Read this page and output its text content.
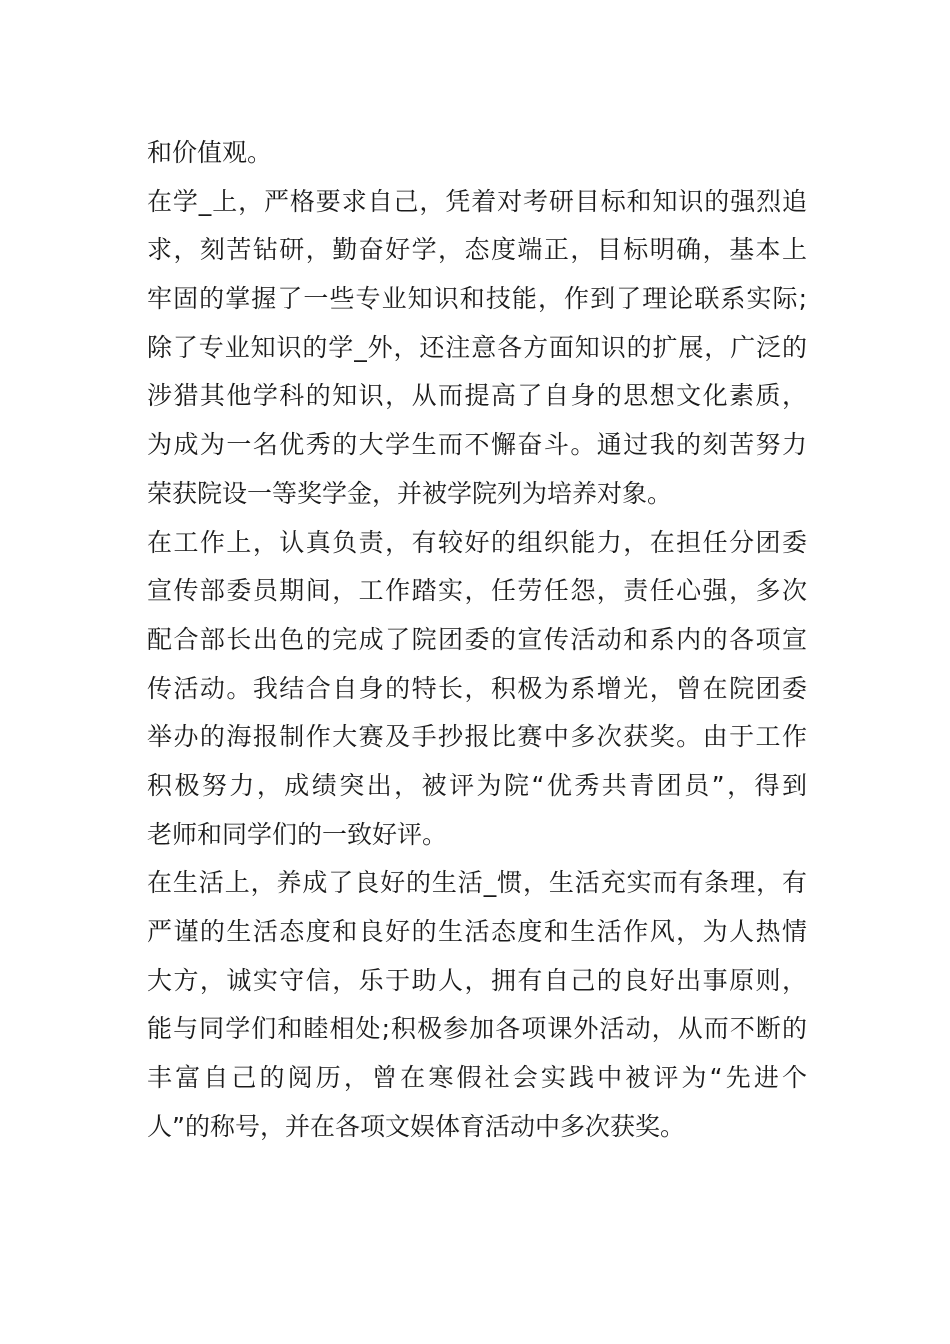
和价值观。
在学_上，严格要求自己，凭着对考研目标和知识的强烈追
求，刻苦钻研，勤奋好学，态度端正，目标明确，基本上
牢固的掌握了一些专业知识和技能，作到了理论联系实际;
除了专业知识的学_外，还注意各方面知识的扩展，广泛的
涉猎其他学科的知识，从而提高了自身的思想文化素质，
为成为一名优秀的大学生而不懈奋斗。通过我的刻苦努力
荣获院设一等奖学金，并被学院列为培养对象。
在工作上，认真负责，有较好的组织能力，在担任分团委
宣传部委员期间，工作踏实，任劳任怨，责任心强，多次
配合部长出色的完成了院团委的宣传活动和系内的各项宣
传活动。我结合自身的特长，积极为系增光，曾在院团委
举办的海报制作大赛及手抄报比赛中多次获奖。由于工作
积极努力，成绩突出，被评为院“优秀共青团员”，得到
老师和同学们的一致好评。
在生活上，养成了良好的生活_惯，生活充实而有条理，有
严谨的生活态度和良好的生活态度和生活作风，为人热情
大方，诚实守信，乐于助人，拥有自己的良好出事原则，
能与同学们和睦相处;积极参加各项课外活动，从而不断的
丰富自己的阅历，曾在寒假社会实践中被评为“先进个
人”的称号，并在各项文娱体育活动中多次获奖。
